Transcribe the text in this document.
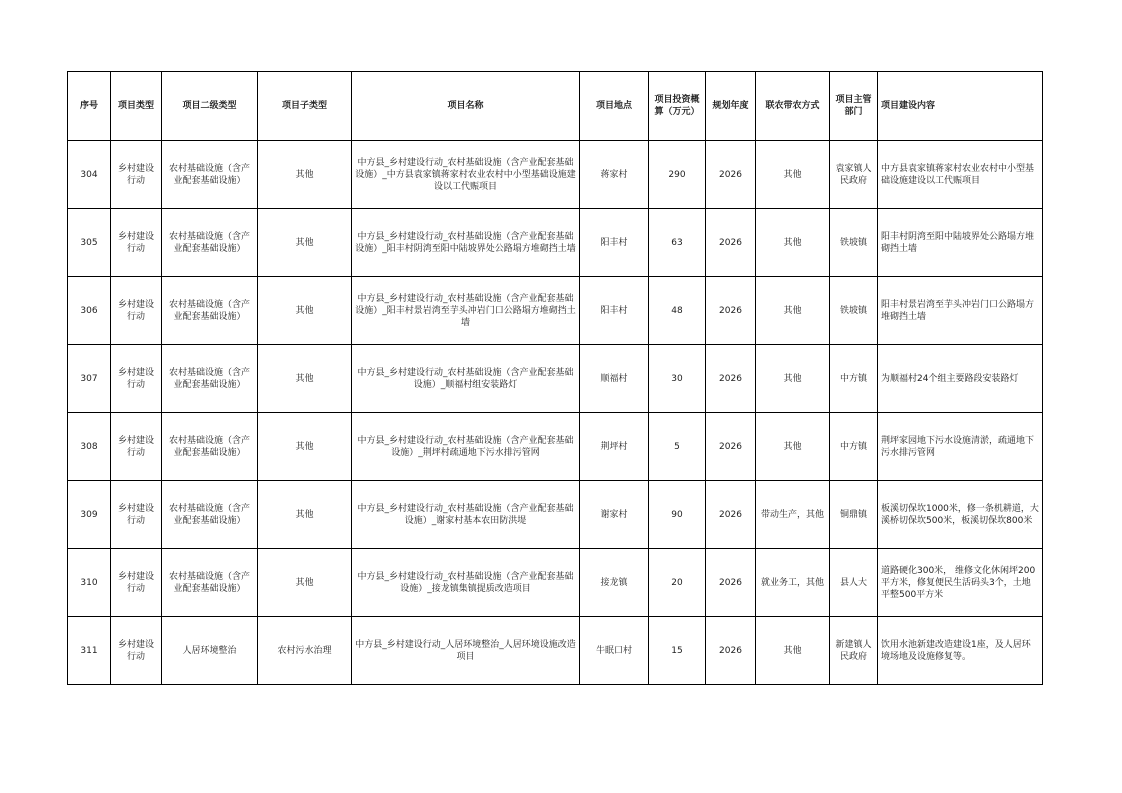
序号	项目类型	项目二级类型	项目子类型	项目名称	项目地点	项目投资概算（万元）	规划年度	联农带农方式	项目主管部门	项目建设内容
304	乡村建设行动	农村基础设施（含产业配套基础设施）	其他	中方县_乡村建设行动_农村基础设施（含产业配套基础设施）_中方县袁家镇蒋家村农业农村中小型基础设施建设以工代赈项目	蒋家村	290	2026	其他	袁家镇人民政府	中方县袁家镇蒋家村农业农村中小型基础设施建设以工代赈项目
305	乡村建设行动	农村基础设施（含产业配套基础设施）	其他	中方县_乡村建设行动_农村基础设施（含产业配套基础设施）_阳丰村阴湾至阳中陆坡界处公路塌方堆砌挡土墙	阳丰村	63	2026	其他	铁坡镇	阳丰村阴湾至阳中陆坡界处公路塌方堆砌挡土墙
306	乡村建设行动	农村基础设施（含产业配套基础设施）	其他	中方县_乡村建设行动_农村基础设施（含产业配套基础设施）_阳丰村景岩湾至芋头冲岩门口公路塌方堆砌挡土墙	阳丰村	48	2026	其他	铁坡镇	阳丰村景岩湾至芋头冲岩门口公路塌方堆砌挡土墙
307	乡村建设行动	农村基础设施（含产业配套基础设施）	其他	中方县_乡村建设行动_农村基础设施（含产业配套基础设施）_顺福村组安装路灯	顺福村	30	2026	其他	中方镇	为顺福村24个组主要路段安装路灯
308	乡村建设行动	农村基础设施（含产业配套基础设施）	其他	中方县_乡村建设行动_农村基础设施（含产业配套基础设施）_荆坪村疏通地下污水排污管网	荆坪村	5	2026	其他	中方镇	荆坪家园地下污水设施清淤，疏通地下污水排污管网
309	乡村建设行动	农村基础设施（含产业配套基础设施）	其他	中方县_乡村建设行动_农村基础设施（含产业配套基础设施）_谢家村基本农田防洪堤	谢家村	90	2026	带动生产，其他	铜鼎镇	板溪切保坎1000米，修一条机耕道，大溪桥切保坎500米，板溪切保坎800米
310	乡村建设行动	农村基础设施（含产业配套基础设施）	其他	中方县_乡村建设行动_农村基础设施（含产业配套基础设施）_接龙镇集镇提质改造项目	接龙镇	20	2026	就业务工，其他	县人大	道路硬化300米， 维修文化休闲坪200平方米，修复便民生活码头3个，土地平整500平方米
311	乡村建设行动	人居环境整治	农村污水治理	中方县_乡村建设行动_人居环境整治_人居环境设施改造项目	牛眠口村	15	2026	其他	新建镇人民政府	饮用水池新建改造建设1座，及人居环境场地及设施修复等。
